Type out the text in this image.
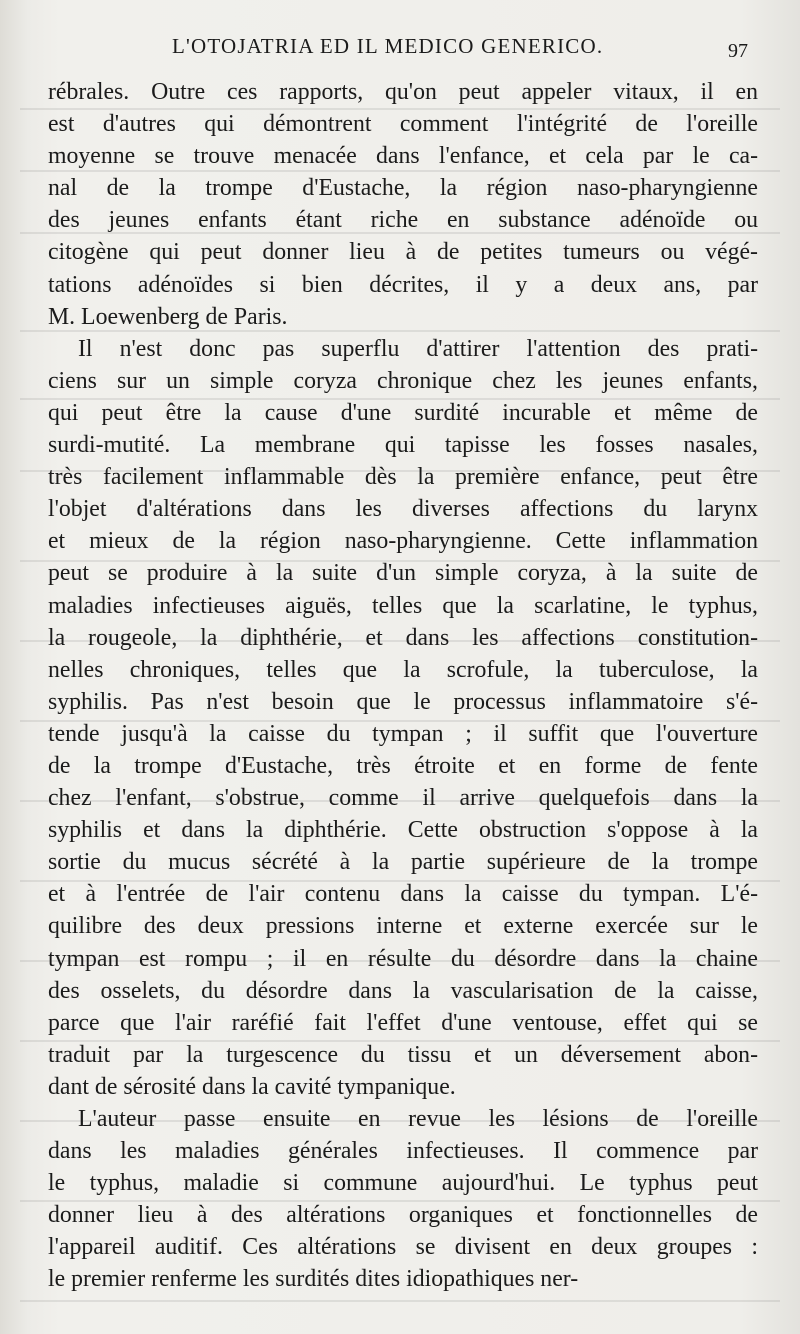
L'OTOJATRIA ED IL MEDICO GENERICO.	97
rébrales. Outre ces rapports, qu'on peut appeler vitaux, il en
est d'autres qui démontrent comment l'intégrité de l'oreille
moyenne se trouve menacée dans l'enfance, et cela par le ca-
nal de la trompe d'Eustache, la région naso-pharyngienne
des jeunes enfants étant riche en substance adénoïde ou
citogène qui peut donner lieu à de petites tumeurs ou végé-
tations adénoïdes si bien décrites, il y a deux ans, par
M. Loewenberg de Paris.
Il n'est donc pas superflu d'attirer l'attention des prati-
ciens sur un simple coryza chronique chez les jeunes enfants,
qui peut être la cause d'une surdité incurable et même de
surdi-mutité. La membrane qui tapisse les fosses nasales,
très facilement inflammable dès la première enfance, peut être
l'objet d'altérations dans les diverses affections du larynx
et mieux de la région naso-pharyngienne. Cette inflammation
peut se produire à la suite d'un simple coryza, à la suite de
maladies infectieuses aiguës, telles que la scarlatine, le typhus,
la rougeole, la diphthérie, et dans les affections constitution-
nelles chroniques, telles que la scrofule, la tuberculose, la
syphilis. Pas n'est besoin que le processus inflammatoire s'é-
tende jusqu'à la caisse du tympan ; il suffit que l'ouverture
de la trompe d'Eustache, très étroite et en forme de fente
chez l'enfant, s'obstrue, comme il arrive quelquefois dans la
syphilis et dans la diphthérie. Cette obstruction s'oppose à la
sortie du mucus sécrété à la partie supérieure de la trompe
et à l'entrée de l'air contenu dans la caisse du tympan. L'é-
quilibre des deux pressions interne et externe exercée sur le
tympan est rompu ; il en résulte du désordre dans la chaine
des osselets, du désordre dans la vascularisation de la caisse,
parce que l'air raréfié fait l'effet d'une ventouse, effet qui se
traduit par la turgescence du tissu et un déversement abon-
dant de sérosité dans la cavité tympanique.
L'auteur passe ensuite en revue les lésions de l'oreille
dans les maladies générales infectieuses. Il commence par
le typhus, maladie si commune aujourd'hui. Le typhus peut
donner lieu à des altérations organiques et fonctionnelles de
l'appareil auditif. Ces altérations se divisent en deux groupes :
le premier renferme les surdités dites idiopathiques ner-
